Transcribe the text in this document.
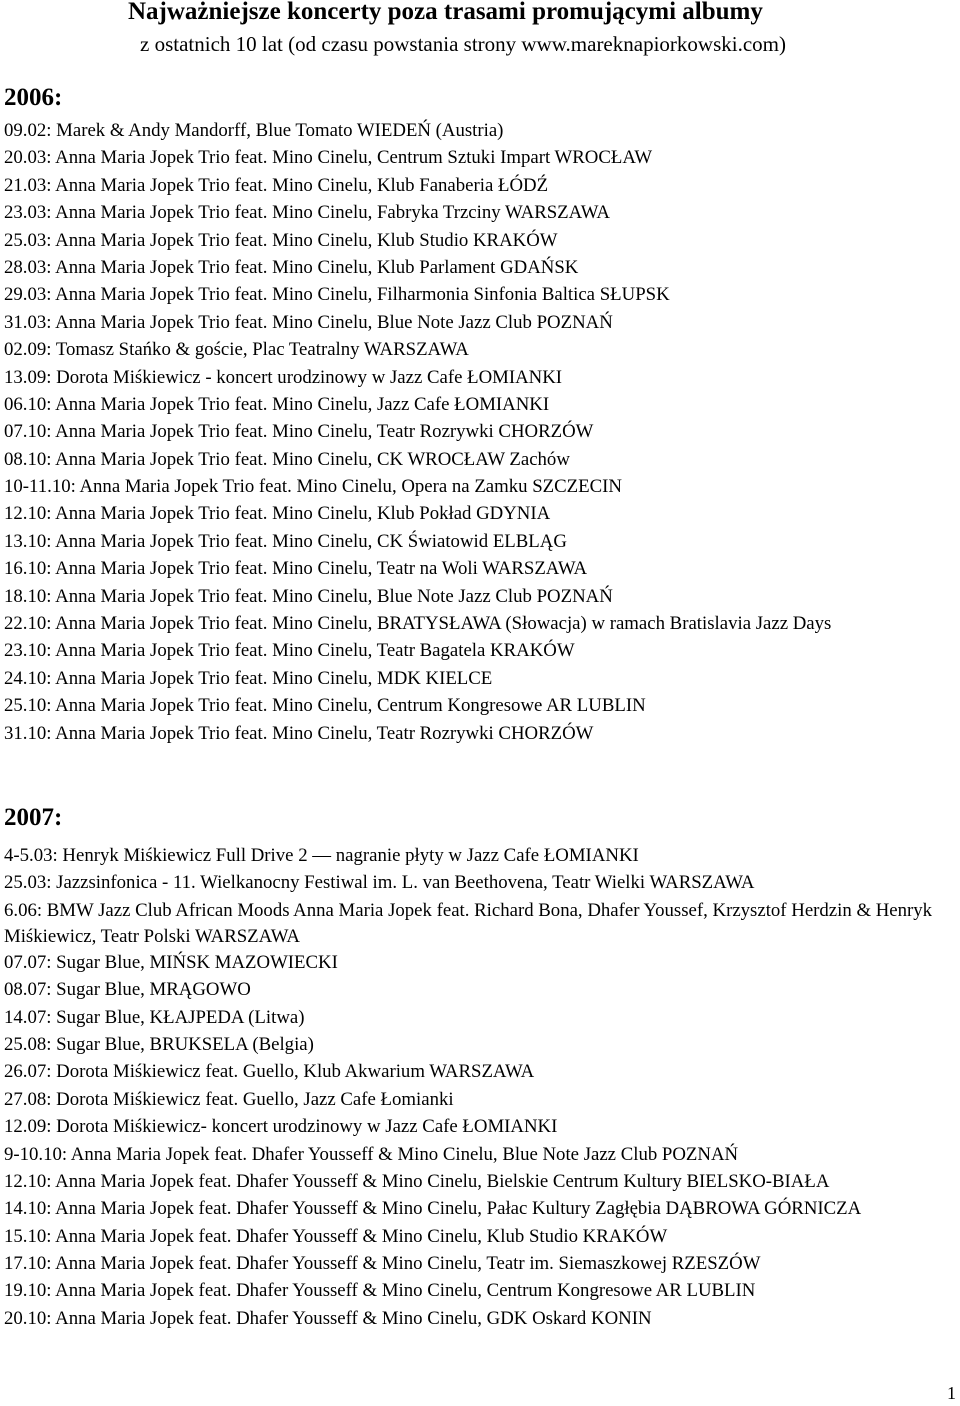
Najważniejsze koncerty poza trasami promującymi albumy
z ostatnich 10 lat (od czasu powstania strony www.mareknapiorkowski.com)
2006:
09.02: Marek & Andy Mandorff, Blue Tomato WIEDEŃ (Austria)
20.03: Anna Maria Jopek Trio feat. Mino Cinelu, Centrum Sztuki Impart WROCŁAW
21.03: Anna Maria Jopek Trio feat. Mino Cinelu, Klub Fanaberia ŁÓDŹ
23.03: Anna Maria Jopek Trio feat. Mino Cinelu, Fabryka Trzciny WARSZAWA
25.03: Anna Maria Jopek Trio feat. Mino Cinelu, Klub Studio KRAKÓW
28.03: Anna Maria Jopek Trio feat. Mino Cinelu, Klub Parlament GDAŃSK
29.03: Anna Maria Jopek Trio feat. Mino Cinelu, Filharmonia Sinfonia Baltica SŁUPSK
31.03: Anna Maria Jopek Trio feat. Mino Cinelu, Blue Note Jazz Club POZNAŃ
02.09: Tomasz Stańko & goście, Plac Teatralny WARSZAWA
13.09: Dorota Miśkiewicz - koncert urodzinowy w Jazz Cafe ŁOMIANKI
06.10: Anna Maria Jopek Trio feat. Mino Cinelu, Jazz Cafe ŁOMIANKI
07.10: Anna Maria Jopek Trio feat. Mino Cinelu, Teatr Rozrywki CHORZÓW
08.10: Anna Maria Jopek Trio feat. Mino Cinelu, CK WROCŁAW Zachów
10-11.10: Anna Maria Jopek Trio feat. Mino Cinelu, Opera na Zamku SZCZECIN
12.10: Anna Maria Jopek Trio feat. Mino Cinelu, Klub Pokład GDYNIA
13.10: Anna Maria Jopek Trio feat. Mino Cinelu, CK Światowid ELBLĄG
16.10: Anna Maria Jopek Trio feat. Mino Cinelu, Teatr na Woli WARSZAWA
18.10: Anna Maria Jopek Trio feat. Mino Cinelu, Blue Note Jazz Club POZNAŃ
22.10: Anna Maria Jopek Trio feat. Mino Cinelu, BRATYSŁAWA (Słowacja) w ramach Bratislavia Jazz Days
23.10: Anna Maria Jopek Trio feat. Mino Cinelu, Teatr Bagatela KRAKÓW
24.10: Anna Maria Jopek Trio feat. Mino Cinelu, MDK KIELCE
25.10: Anna Maria Jopek Trio feat. Mino Cinelu, Centrum Kongresowe AR LUBLIN
31.10: Anna Maria Jopek Trio feat. Mino Cinelu, Teatr Rozrywki CHORZÓW
2007:
4-5.03: Henryk Miśkiewicz Full Drive 2 — nagranie płyty w Jazz Cafe ŁOMIANKI
25.03: Jazzsinfonica - 11. Wielkanocny Festiwal im. L. van Beethovena, Teatr Wielki WARSZAWA
6.06: BMW Jazz Club African Moods Anna Maria Jopek feat. Richard Bona, Dhafer Youssef, Krzysztof Herdzin & Henryk Miśkiewicz, Teatr Polski WARSZAWA
07.07: Sugar Blue, MIŃSK MAZOWIECKI
08.07: Sugar Blue, MRĄGOWO
14.07: Sugar Blue, KŁAJPEDA (Litwa)
25.08: Sugar Blue, BRUKSELA (Belgia)
26.07: Dorota Miśkiewicz feat. Guello, Klub Akwarium WARSZAWA
27.08: Dorota Miśkiewicz feat. Guello, Jazz Cafe Łomianki
12.09: Dorota Miśkiewicz- koncert urodzinowy w Jazz Cafe ŁOMIANKI
9-10.10: Anna Maria Jopek feat. Dhafer Yousseff & Mino Cinelu, Blue Note Jazz Club POZNAŃ
12.10: Anna Maria Jopek feat. Dhafer Yousseff & Mino Cinelu, Bielskie Centrum Kultury BIELSKO-BIAŁA
14.10: Anna Maria Jopek feat. Dhafer Yousseff & Mino Cinelu, Pałac Kultury Zagłębia DĄBROWA GÓRNICZA
15.10: Anna Maria Jopek feat. Dhafer Yousseff & Mino Cinelu, Klub Studio KRAKÓW
17.10: Anna Maria Jopek feat. Dhafer Yousseff & Mino Cinelu, Teatr im. Siemaszkowej RZESZÓW
19.10: Anna Maria Jopek feat. Dhafer Yousseff & Mino Cinelu, Centrum Kongresowe AR LUBLIN
20.10: Anna Maria Jopek feat. Dhafer Yousseff & Mino Cinelu, GDK Oskard KONIN
1
